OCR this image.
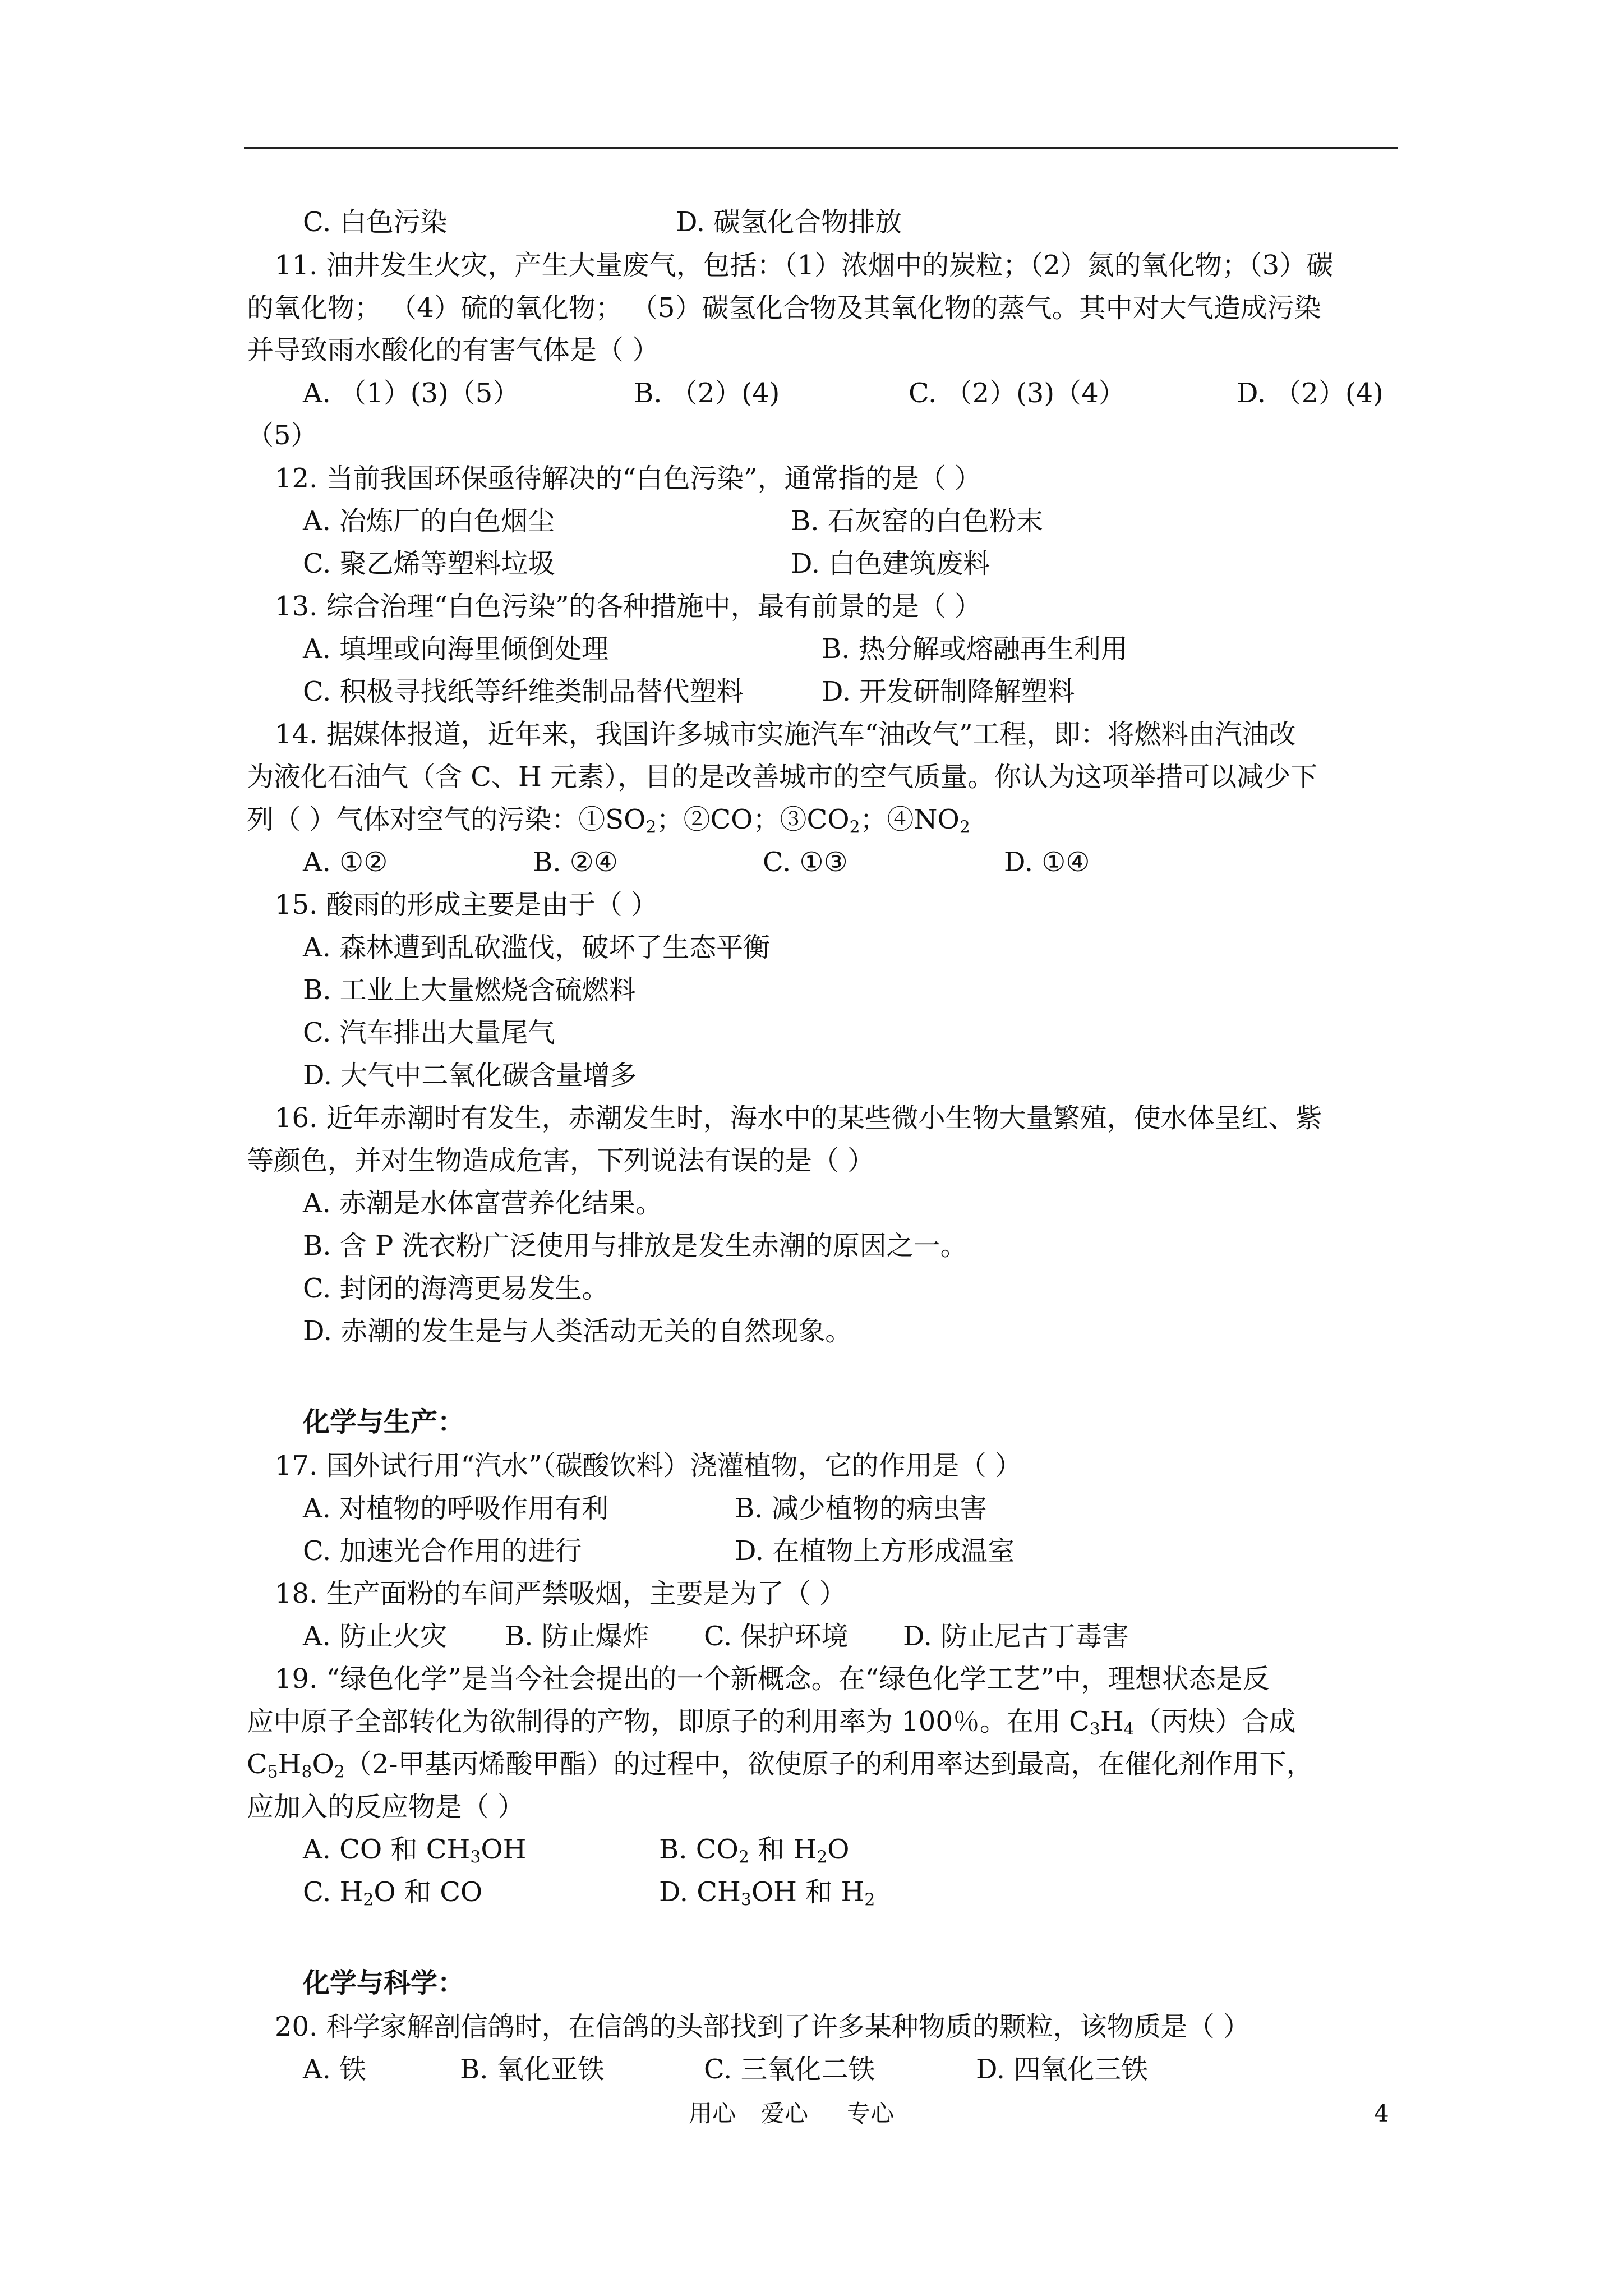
C. 白色污染	D. 碳氢化合物排放
11. 油井发生火灾，产生大量废气，包括：（1）浓烟中的炭粒；（2）氮的氧化物；（3）碳
的氧化物； （4）硫的氧化物； （5）碳氢化合物及其氧化物的蒸气。其中对大气造成污染
并导致雨水酸化的有害气体是（ ）
A. （1）(3)（5）	B. （2）(4)	C. （2）(3)（4）	D. （2）(4)
（5）
12. 当前我国环保亟待解决的“白色污染”，通常指的是（ ）
A. 冶炼厂的白色烟尘	B. 石灰窑的白色粉末
C. 聚乙烯等塑料垃圾	D. 白色建筑废料
13. 综合治理“白色污染”的各种措施中，最有前景的是（ ）
A. 填埋或向海里倾倒处理	B. 热分解或熔融再生利用
C. 积极寻找纸等纤维类制品替代塑料	D. 开发研制降解塑料
14. 据媒体报道，近年来，我国许多城市实施汽车“油改气”工程，即：将燃料由汽油改
为液化石油气（含 C、H 元素），目的是改善城市的空气质量。你认为这项举措可以减少下
列（ ）气体对空气的污染：$①SO_2$；②CO；$③CO_2$；$④NO_2$
A. ①②	B. ②④	C. ①③	D. ①④
15. 酸雨的形成主要是由于（ ）
A. 森林遭到乱砍滥伐，破坏了生态平衡
B. 工业上大量燃烧含硫燃料
C. 汽车排出大量尾气
D. 大气中二氧化碳含量增多
16. 近年赤潮时有发生，赤潮发生时，海水中的某些微小生物大量繁殖，使水体呈红、紫
等颜色，并对生物造成危害，下列说法有误的是（ ）
A. 赤潮是水体富营养化结果。
B. 含 P 洗衣粉广泛使用与排放是发生赤潮的原因之一。
C. 封闭的海湾更易发生。
D. 赤潮的发生是与人类活动无关的自然现象。
化学与生产：
17. 国外试行用“汽水”（碳酸饮料）浇灌植物，它的作用是（ ）
A. 对植物的呼吸作用有利	B. 减少植物的病虫害
C. 加速光合作用的进行	D. 在植物上方形成温室
18. 生产面粉的车间严禁吸烟，主要是为了（ ）
A. 防止火灾 B. 防止爆炸 C. 保护环境 D. 防止尼古丁毒害
19. “绿色化学”是当今社会提出的一个新概念。在“绿色化学工艺”中，理想状态是反
应中原子全部转化为欲制得的产物，即原子的利用率为 100％。在用 $C_3H_4$（丙炔）合成
$C_5H_8O_2(2-$甲基丙烯酸甲酯）的过程中，欲使原子的利用率达到最高，在催化剂作用下，
应加入的反应物是（ ）
A. CO 和 $CH_3OH$	B. $CO_2$ 和 $H_2O$
C. $H_2O$ 和 CO	D. $CH_3OH$ 和 $H_2$
化学与科学：
20. 科学家解剖信鸽时，在信鸽的头部找到了许多某种物质的颗粒，该物质是（ ）
A. 铁	B. 氧化亚铁	C. 三氧化二铁	D. 四氧化三铁
用心 爱心 专心	4
